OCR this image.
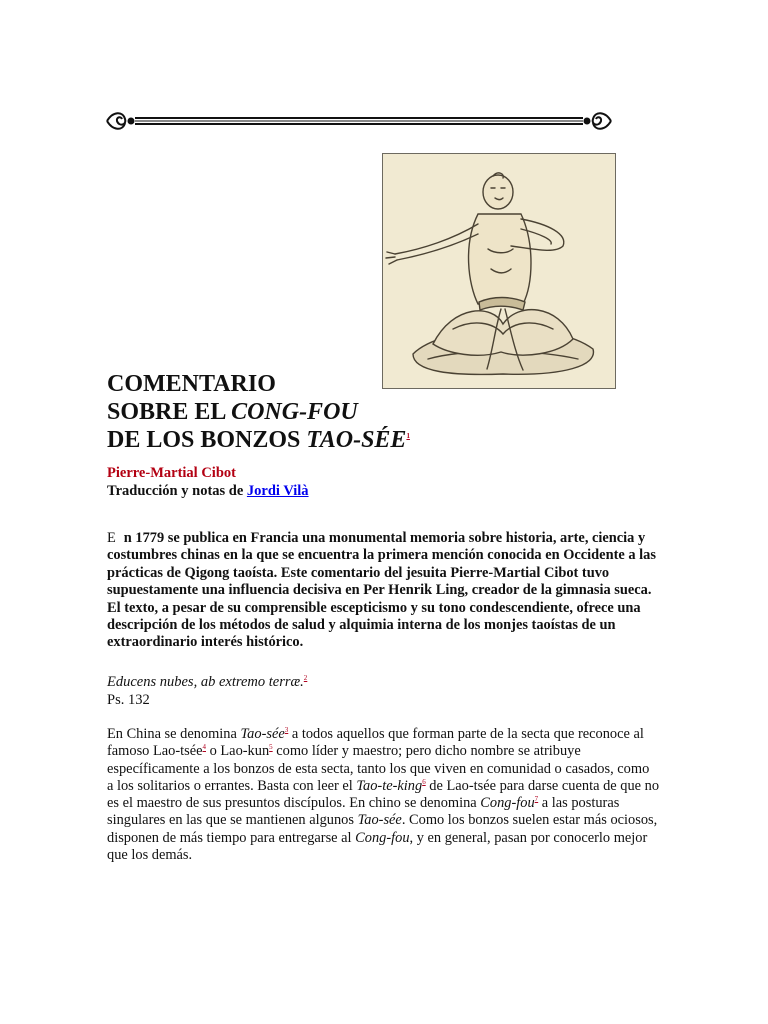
COMENTARIO
SOBRE EL CONG-FOU
DE LOS BONZOS TAO-SÉE$^1$
Pierre-Martial Cibot
Traducción y notas de Jordi Vilà

E n 1779 se publica en Francia una monumental memoria sobre historia, arte, ciencia y costumbres chinas en la que se encuentra la primera mención conocida en Occidente a las prácticas de Qigong taoísta. Este comentario del jesuita Pierre-Martial Cibot tuvo supuestamente una influencia decisiva en Per Henrik Ling, creador de la gimnasia sueca. El texto, a pesar de su comprensible escepticismo y su tono condescendiente, ofrece una descripción de los métodos de salud y alquimia interna de los monjes taoístas de un extraordinario interés histórico.

Educens nubes, ab extremo terræ.$^2$
Ps. 132

En China se denomina Tao-sée$^3$ a todos aquellos que forman parte de la secta que reconoce al famoso Lao-tsée$^4$ o Lao-kun$^5$ como líder y maestro; pero dicho nombre se atribuye específicamente a los bonzos de esta secta, tanto los que viven en comunidad o casados, como a los solitarios o errantes. Basta con leer el Tao-te-king$^6$ de Lao-tsée para darse cuenta de que no es el maestro de sus presuntos discípulos. En chino se denomina Cong-fou$^7$ a las posturas singulares en las que se mantienen algunos Tao-sée. Como los bonzos suelen estar más ociosos, disponen de más tiempo para entregarse al Cong-fou, y en general, pasan por conocerlo mejor que los demás.
